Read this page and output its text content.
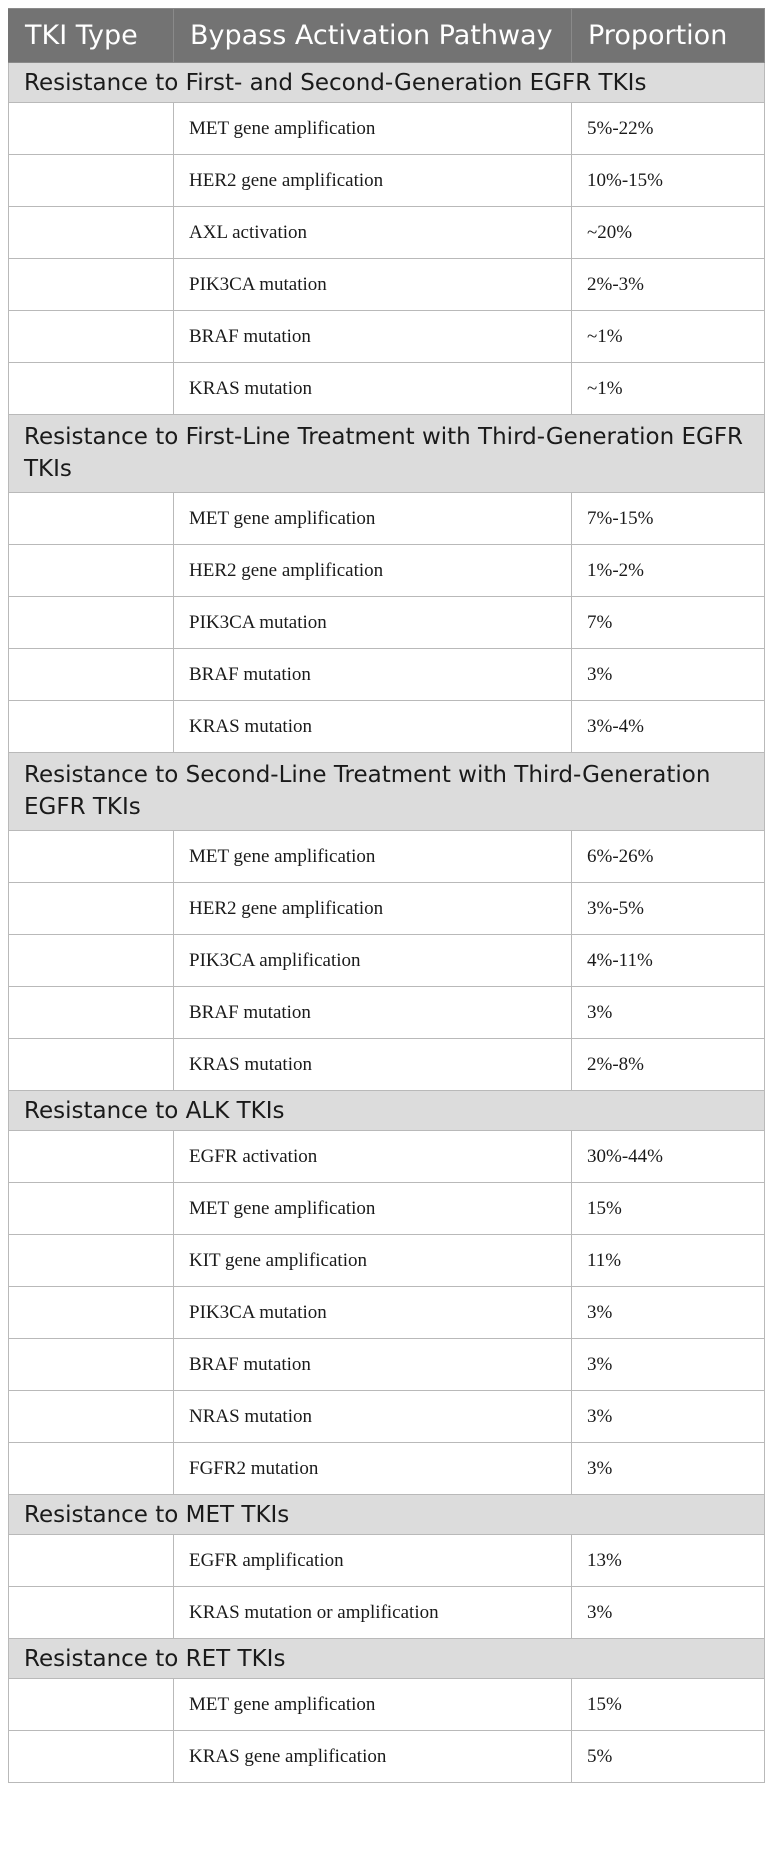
TKI Type	Bypass Activation Pathway	Proportion
Resistance to First- and Second-Generation EGFR TKIs		
	MET gene amplification	5%-22%
	HER2 gene amplification	10%-15%
	AXL activation	~20%
	PIK3CA mutation	2%-3%
	BRAF mutation	~1%
	KRAS mutation	~1%
Resistance to First-Line Treatment with Third-Generation EGFR TKIs		
	MET gene amplification	7%-15%
	HER2 gene amplification	1%-2%
	PIK3CA mutation	7%
	BRAF mutation	3%
	KRAS mutation	3%-4%
Resistance to Second-Line Treatment with Third-Generation EGFR TKIs		
	MET gene amplification	6%-26%
	HER2 gene amplification	3%-5%
	PIK3CA amplification	4%-11%
	BRAF mutation	3%
	KRAS mutation	2%-8%
Resistance to ALK TKIs		
	EGFR activation	30%-44%
	MET gene amplification	15%
	KIT gene amplification	11%
	PIK3CA mutation	3%
	BRAF mutation	3%
	NRAS mutation	3%
	FGFR2 mutation	3%
Resistance to MET TKIs		
	EGFR amplification	13%
	KRAS mutation or amplification	3%
Resistance to RET TKIs		
	MET gene amplification	15%
	KRAS gene amplification	5%
